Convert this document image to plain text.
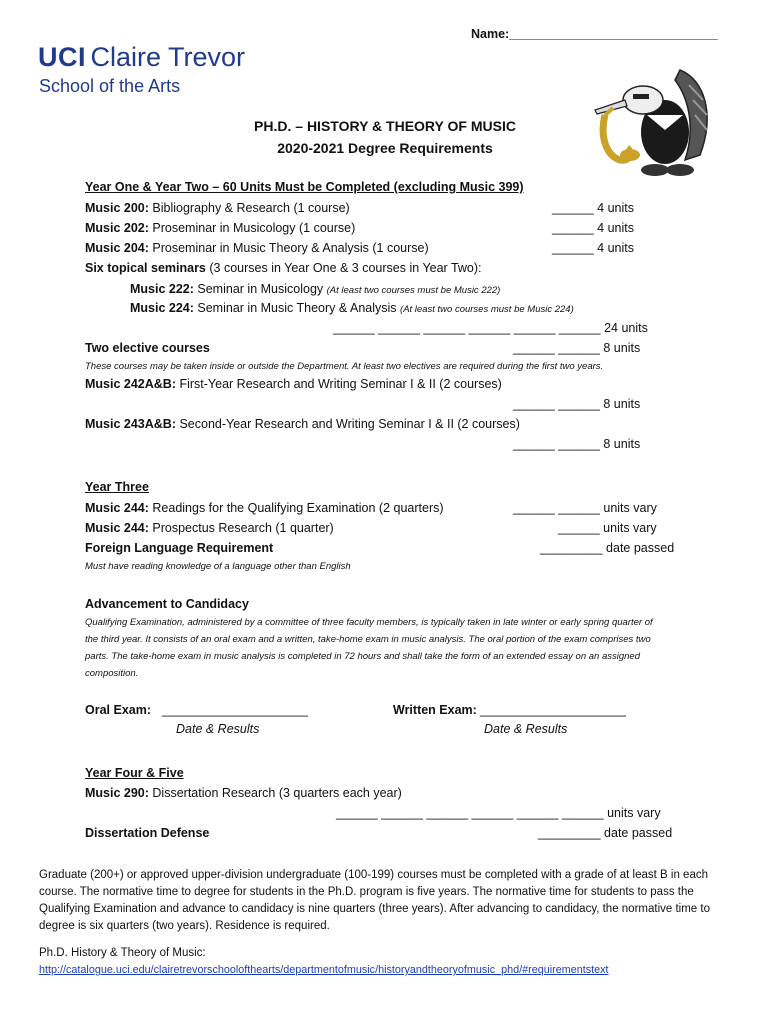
Name:______________________________
UCI Claire Trevor
School of the Arts
PH.D. – HISTORY & THEORY OF MUSIC
2020-2021 Degree Requirements
Year One & Year Two – 60 Units Must be Completed (excluding Music 399)
Music 200: Bibliography & Research (1 course)	______ 4 units
Music 202: Proseminar in Musicology (1 course)	______ 4 units
Music 204: Proseminar in Music Theory & Analysis (1 course)	______ 4 units
Six topical seminars (3 courses in Year One & 3 courses in Year Two):
Music 222: Seminar in Musicology (At least two courses must be Music 222)
Music 224: Seminar in Music Theory & Analysis (At least two courses must be Music 224)
______ ______ ______ ______ ______ ______ 24 units
Two elective courses	______ ______ 8 units
These courses may be taken inside or outside the Department. At least two electives are required during the first two years.
Music 242A&B: First-Year Research and Writing Seminar I & II (2 courses)
______ ______ 8 units
Music 243A&B: Second-Year Research and Writing Seminar I & II (2 courses)
______ ______ 8 units
Year Three
Music 244: Readings for the Qualifying Examination (2 quarters)	______ ______ units vary
Music 244: Prospectus Research (1 quarter)	______ units vary
Foreign Language Requirement	_________ date passed
Must have reading knowledge of a language other than English
Advancement to Candidacy
Qualifying Examination, administered by a committee of three faculty members, is typically taken in late winter or early spring quarter of the third year. It consists of an oral exam and a written, take-home exam in music analysis. The oral portion of the exam comprises two parts. The take-home exam in music analysis is completed in 72 hours and shall take the form of an extended essay on an assigned composition.
Oral Exam: _____________________
Date & Results
Written Exam: _____________________
Date & Results
Year Four & Five
Music 290: Dissertation Research (3 quarters each year)
______ ______ ______ ______ ______ ______ units vary
Dissertation Defense	_________ date passed
Graduate (200+) or approved upper-division undergraduate (100-199) courses must be completed with a grade of at least B in each course. The normative time to degree for students in the Ph.D. program is five years. The normative time for students to pass the Qualifying Examination and advance to candidacy is nine quarters (three years). After advancing to candidacy, the normative time to degree is six quarters (two years). Residence is required.
Ph.D. History & Theory of Music:
http://catalogue.uci.edu/clairetrevorschoolofthearts/departmentofmusic/historyandtheoryofmusic_phd/#requirementstext
